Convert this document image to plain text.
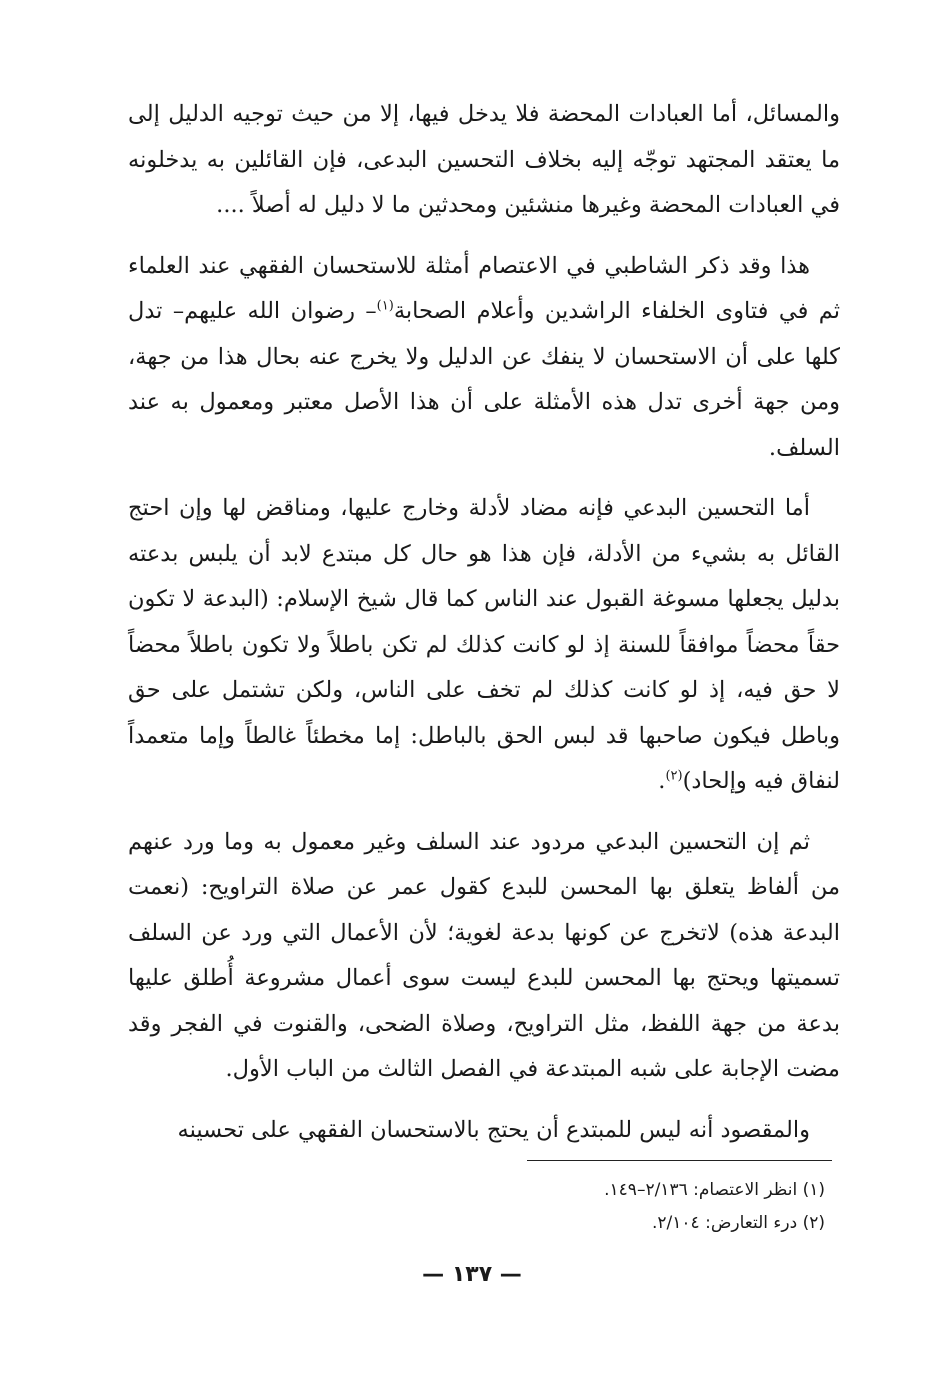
والمسائل، أما العبادات المحضة فلا يدخل فيها، إلا من حيث توجيه الدليل إلى ما يعتقد المجتهد توجّه إليه بخلاف التحسين البدعى، فإن القائلين به يدخلونه في العبادات المحضة وغيرها منشئين ومحدثين ما لا دليل له أصلاً ....

هذا وقد ذكر الشاطبي في الاعتصام أمثلة للاستحسان الفقهي عند العلماء ثم في فتاوى الخلفاء الراشدين وأعلام الصحابة$^{(١)}$– رضوان الله عليهم– تدل كلها على أن الاستحسان لا ينفك عن الدليل ولا يخرج عنه بحال هذا من جهة، ومن جهة أخرى تدل هذه الأمثلة على أن هذا الأصل معتبر ومعمول به عند السلف.

أما التحسين البدعي فإنه مضاد لأدلة وخارج عليها، ومناقض لها وإن احتج القائل به بشيء من الأدلة، فإن هذا هو حال كل مبتدع لابد أن يلبس بدعته بدليل يجعلها مسوغة القبول عند الناس كما قال شيخ الإسلام: (البدعة لا تكون حقاً محضاً موافقاً للسنة إذ لو كانت كذلك لم تكن باطلاً ولا تكون باطلاً محضاً لا حق فيه، إذ لو كانت كذلك لم تخف على الناس، ولكن تشتمل على حق وباطل فيكون صاحبها قد لبس الحق بالباطل: إما مخطئاً غالطاً وإما متعمداً لنفاق فيه وإلحاد)$^{(٢)}$.

ثم إن التحسين البدعي مردود عند السلف وغير معمول به وما ورد عنهم من ألفاظ يتعلق بها المحسن للبدع كقول عمر عن صلاة التراويح: (نعمت البدعة هذه) لاتخرج عن كونها بدعة لغوية؛ لأن الأعمال التي ورد عن السلف تسميتها ويحتج بها المحسن للبدع ليست سوى أعمال مشروعة أُطلق عليها بدعة من جهة اللفظ، مثل التراويح، وصلاة الضحى، والقنوت في الفجر وقد مضت الإجابة على شبه المبتدعة في الفصل الثالث من الباب الأول.

والمقصود أنه ليس للمبتدع أن يحتج بالاستحسان الفقهي على تحسينه

(١) انظر الاعتصام: ٢/١٣٦–١٤٩.
(٢) درء التعارض: ٢/١٠٤.
— ١٣٧ —
